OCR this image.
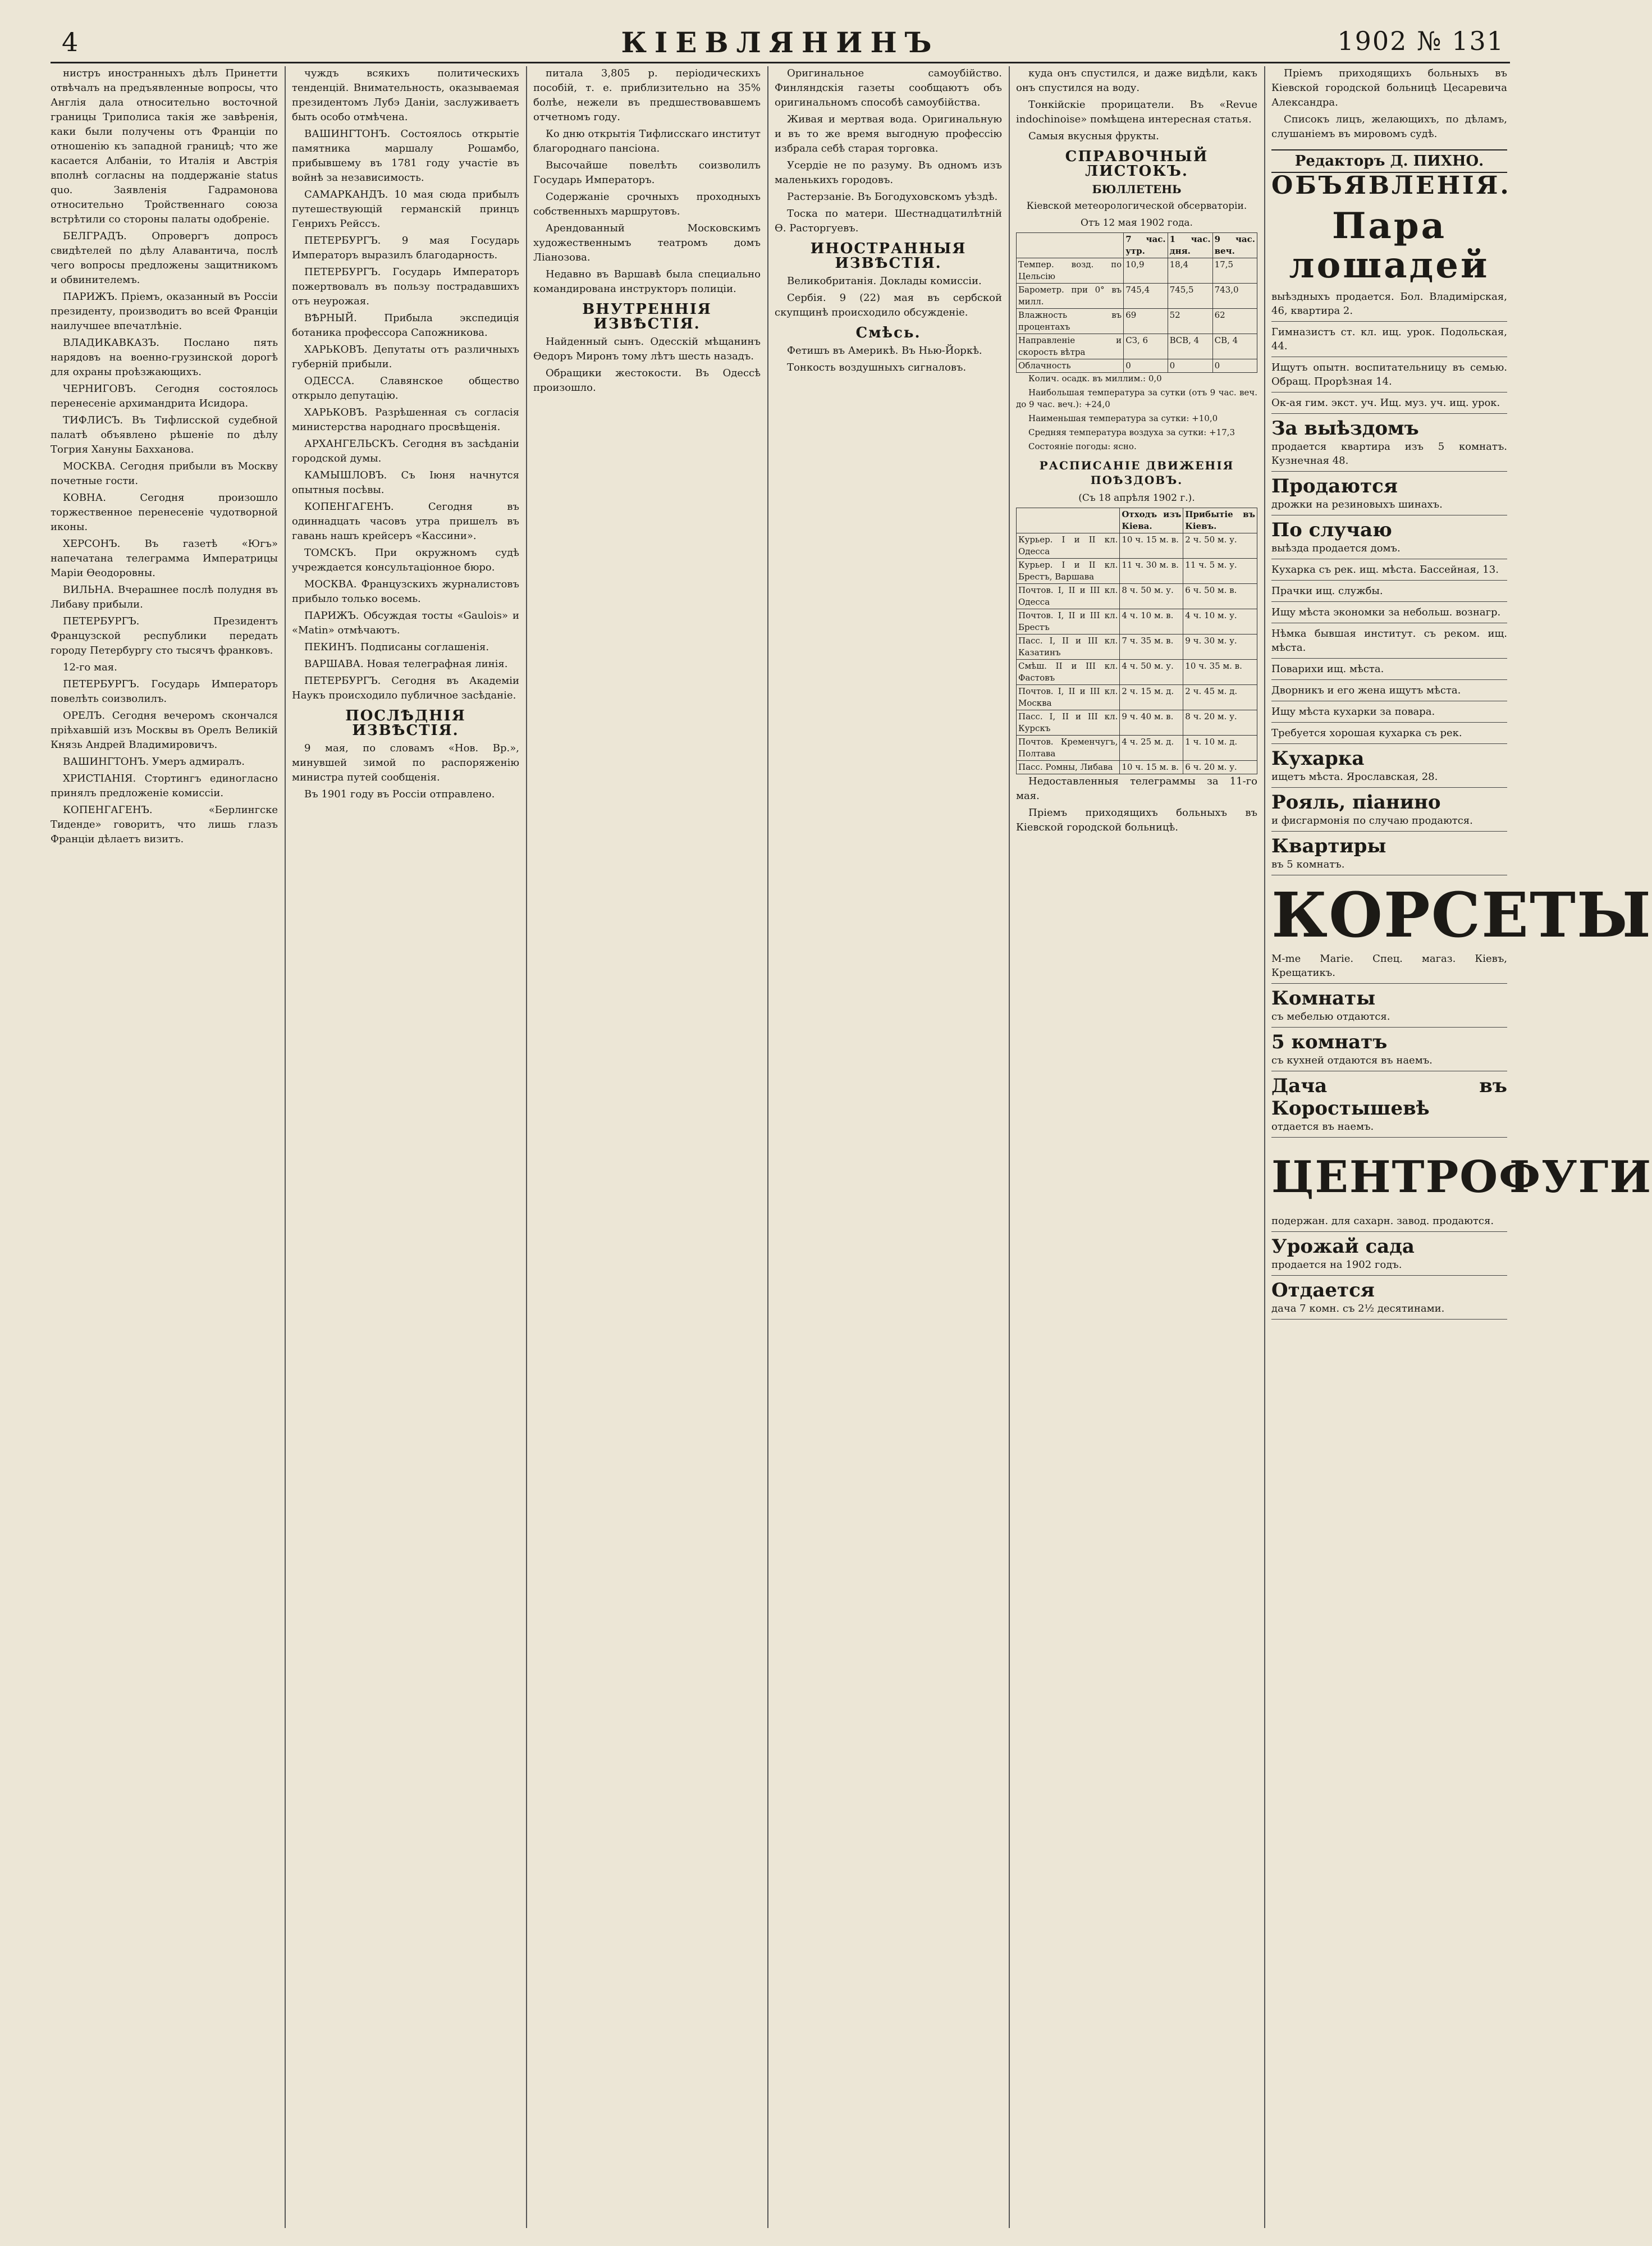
4	КІЕВЛЯНИНЪ	1902 № 131

нистръ иностранныхъ дѣлъ Принетти отвѣчалъ на предъявленные вопросы, что Англія дала относительно восточной границы Триполиса такія же завѣренія, каки были получены отъ Франціи по отношенію къ западной границѣ; что же касается Албаніи, то Италія и Австрія вполнѣ согласны на поддержаніе status quo. Заявленія Гадрамонова относительно Тройственнаго союза встрѣтили со стороны палаты одобреніе.

БЕЛГРАДЪ. Опровергъ допросъ свидѣтелей по дѣлу Алавантича, послѣ чего вопросы предложены защитникомъ и обвинителемъ.

ПАРИЖЪ. Пріемъ, оказанный въ Россіи президенту, производитъ во всей Франціи наилучшее впечатлѣніе.

ВЛАДИКАВКАЗЪ. Послано пять нарядовъ на военно-грузинской дорогѣ для охраны проѣзжающихъ.

ЧЕРНИГОВЪ. Сегодня состоялось перенесеніе архимандрита Исидора.

ТИФЛИСЪ. Въ Тифлисской судебной палатѣ объявлено рѣшеніе по дѣлу Тогрия Хануны Бахханова.

МОСКВА. Сегодня прибыли въ Москву почетные гости.

КОВНА. Сегодня произошло торжественное перенесеніе чудотворной иконы.

ХЕРСОНЪ. Въ газетѣ «Югъ» напечатана телеграмма Императрицы Маріи Ѳеодоровны.

ВИЛЬНА. Вчерашнее послѣ полудня въ Либаву прибыли.

ПЕТЕРБУРГЪ. Президентъ Французской республики передать городу Петербургу сто тысячъ франковъ.

12-го мая.

ПЕТЕРБУРГЪ. Государь Императоръ повелѣть соизволилъ.

ОРЕЛЪ. Сегодня вечеромъ скончался пріѣхавшій изъ Москвы въ Орелъ Великій Князь Андрей Владимировичъ.

ВАШИНГТОНЪ. Умеръ адмиралъ.

ХРИСТІАНІЯ. Стортингъ единогласно принялъ предложеніе комиссіи.

КОПЕНГАГЕНЪ. «Берлингске Тиденде» говоритъ, что лишь глазъ Франціи дѣлаетъ визитъ.

чуждъ всякихъ политическихъ тенденцій. Внимательность, оказываемая президентомъ Лубэ Даніи, заслуживаетъ быть особо отмѣчена.

ВАШИНГТОНЪ. Состоялось открытіе памятника маршалу Рошамбо, прибывшему въ 1781 году участіе въ войнѣ за независимость.

САМАРКАНДЪ. 10 мая сюда прибылъ путешествующій германскій принцъ Генрихъ Рейссъ.

ПЕТЕРБУРГЪ. 9 мая Государь Императоръ выразилъ благодарность.

ПЕТЕРБУРГЪ. Государь Императоръ пожертвовалъ въ пользу пострадавшихъ отъ неурожая.

ВѢРНЫЙ. Прибыла экспедиція ботаника профессора Сапожникова.

ХАРЬКОВЪ. Депутаты отъ различныхъ губерній прибыли.

ОДЕССА. Славянское общество открыло депутацію.

ХАРЬКОВЪ. Разрѣшенная съ согласія министерства народнаго просвѣщенія.

АРХАНГЕЛЬСКЪ. Сегодня въ засѣданіи городской думы.

КАМЫШЛОВЪ. Съ Іюня начнутся опытныя посѣвы.

КОПЕНГАГЕНЪ. Сегодня въ одиннадцать часовъ утра пришелъ въ гавань нашъ крейсеръ «Кассини».

ТОМСКЪ. При окружномъ судѣ учреждается консультаціонное бюро.

МОСКВА. Французскихъ журналистовъ прибыло только восемь.

ПАРИЖЪ. Обсуждая тосты «Gaulois» и «Matin» отмѣчаютъ.

ПЕКИНЪ. Подписаны соглашенія.

ВАРШАВА. Новая телеграфная линія.

ПЕТЕРБУРГЪ. Сегодня въ Академіи Наукъ происходило публичное засѣданіе.

ПОСЛѢДНІЯ ИЗВѢСТІЯ.

9 мая, по словамъ «Нов. Вр.», минувшей зимой по распоряженію министра путей сообщенія.

Въ 1901 году въ Россіи отправлено.

питала 3,805 р. періодическихъ пособій, т. е. приблизительно на 35% болѣе, нежели въ предшествовавшемъ отчетномъ году.

Ко дню открытія Тифлисскаго институт благороднаго пансіона.

Высочайше повелѣть соизволилъ Государь Императоръ.

Содержаніе срочныхъ проходныхъ собственныхъ маршрутовъ.

Арендованный Московскимъ художественнымъ театромъ домъ Ліанозова.

Недавно въ Варшавѣ была специально командирована инструкторъ полиціи.

ВНУТРЕННІЯ ИЗВѢСТІЯ.

Найденный сынъ. Одесскій мѣщанинъ Ѳедоръ Миронъ тому лѣтъ шесть назадъ.

Обращики жестокости. Въ Одессѣ произошло.

Оригинальное самоубійство. Финляндскія газеты сообщаютъ объ оригинальномъ способѣ самоубійства.

Живая и мертвая вода. Оригинальную и въ то же время выгодную профессію избрала себѣ старая торговка.

Усердіе не по разуму. Въ одномъ изъ маленькихъ городовъ.

Растерзаніе. Въ Богодуховскомъ уѣздѣ.

Тоска по матери. Шестнадцатилѣтній Ѳ. Расторгуевъ.

ИНОСТРАННЫЯ ИЗВѢСТІЯ.

Великобританія. Доклады комиссіи.

Сербія. 9 (22) мая въ сербской скупщинѣ происходило обсужденіе.

Смѣсь.

Фетишъ въ Америкѣ. Въ Нью-Йоркѣ.

Тонкость воздушныхъ сигналовъ.

куда онъ спустился, и даже видѣли, какъ онъ спустился на воду.

Тонкійскіе прорицатели. Въ «Revue indochinoise» помѣщена интересная статья.

Самыя вкусныя фрукты.

СПРАВОЧНЫЙ ЛИСТОКЪ.
БЮЛЛЕТЕНЬ
Кіевской метеорологической обсерваторіи.
Отъ 12 мая 1902 года.
	7 час. утр.	1 час. дня.	9 час. веч.
Темпер. возд. по Цельсію	10,9	18,4	17,5
Барометр. при 0° въ милл.	745,4	745,5	743,0
Влажность въ процентахъ	69	52	62
Направленіе и скорость вѣтра	СЗ, 6	ВСВ, 4	СВ, 4
Облачность	0	0	0

Колич. осадк. въ миллим.: 0,0

Наибольшая температура за сутки (отъ 9 час. веч. до 9 час. веч.): +24,0

Наименьшая температура за сутки: +10,0

Средняя температура воздуха за сутки: +17,3

Состояніе погоды: ясно.

РАСПИСАНІЕ ДВИЖЕНІЯ ПОѢЗДОВЪ.
(Съ 18 апрѣля 1902 г.).
	Отходъ изъ Кіева.	Прибытіе въ Кіевъ.
Курьер. I и II кл. Одесса	10 ч. 15 м. в.	2 ч. 50 м. у.
Курьер. I и II кл. Брестъ, Варшава	11 ч. 30 м. в.	11 ч. 5 м. у.
Почтов. I, II и III кл. Одесса	8 ч. 50 м. у.	6 ч. 50 м. в.
Почтов. I, II и III кл. Брестъ	4 ч. 10 м. в.	4 ч. 10 м. у.
Пасс. I, II и III кл. Казатинъ	7 ч. 35 м. в.	9 ч. 30 м. у.
Смѣш. II и III кл. Фастовъ	4 ч. 50 м. у.	10 ч. 35 м. в.
Почтов. I, II и III кл. Москва	2 ч. 15 м. д.	2 ч. 45 м. д.
Пасс. I, II и III кл. Курскъ	9 ч. 40 м. в.	8 ч. 20 м. у.
Почтов. Кременчугъ, Полтава	4 ч. 25 м. д.	1 ч. 10 м. д.
Пасс. Ромны, Либава	10 ч. 15 м. в.	6 ч. 20 м. у.

Недоставленныя телеграммы за 11-го мая.

Пріемъ приходящихъ больныхъ въ Кіевской городской больницѣ.

Пріемъ приходящихъ больныхъ въ Кіевской городской больницѣ Цесаревича Александра.

Списокъ лицъ, желающихъ, по дѣламъ, слушаніемъ въ мировомъ судѣ.

Редакторъ Д. ПИХНО.
ОБЪЯВЛЕНІЯ.
Пара лошадей
выѣздныхъ продается. Бол. Владимірская, 46, квартира 2.
Гимназистъ ст. кл. ищ. урок. Подольская, 44.
Ищутъ опытн. воспитательницу въ семью. Обращ. Прорѣзная 14.
Ок-ая гим. экст. уч. Ищ. муз. уч. ищ. урок.
За выѣздомъ
продается квартира изъ 5 комнатъ. Кузнечная 48.
Продаются
дрожки на резиновыхъ шинахъ.
По случаю
выѣзда продается домъ.
Кухарка съ рек. ищ. мѣста. Бассейная, 13.
Прачки ищ. службы.
Ищу мѣста экономки за небольш. вознагр.
Нѣмка бывшая институт. съ реком. ищ. мѣста.
Поварихи ищ. мѣста.
Дворникъ и его жена ищутъ мѣста.
Ищу мѣста кухарки за повара.
Требуется хорошая кухарка съ рек.
Кухарка
ищетъ мѣста. Ярославская, 28.
Рояль, піанино
и фисгармонія по случаю продаются.
Квартиры
въ 5 комнатъ.
КОРСЕТЫ
M-me Marie. Спец. магаз. Кіевъ, Крещатикъ.
Комнаты
съ мебелью отдаются.
5 комнатъ
съ кухней отдаются въ наемъ.
Дача въ Коростышевѣ
отдается въ наемъ.
ЦЕНТРОФУГИ
подержан. для сахарн. завод. продаются.
Урожай сада
продается на 1902 годъ.
Отдается
дача 7 комн. съ 2½ десятинами.
